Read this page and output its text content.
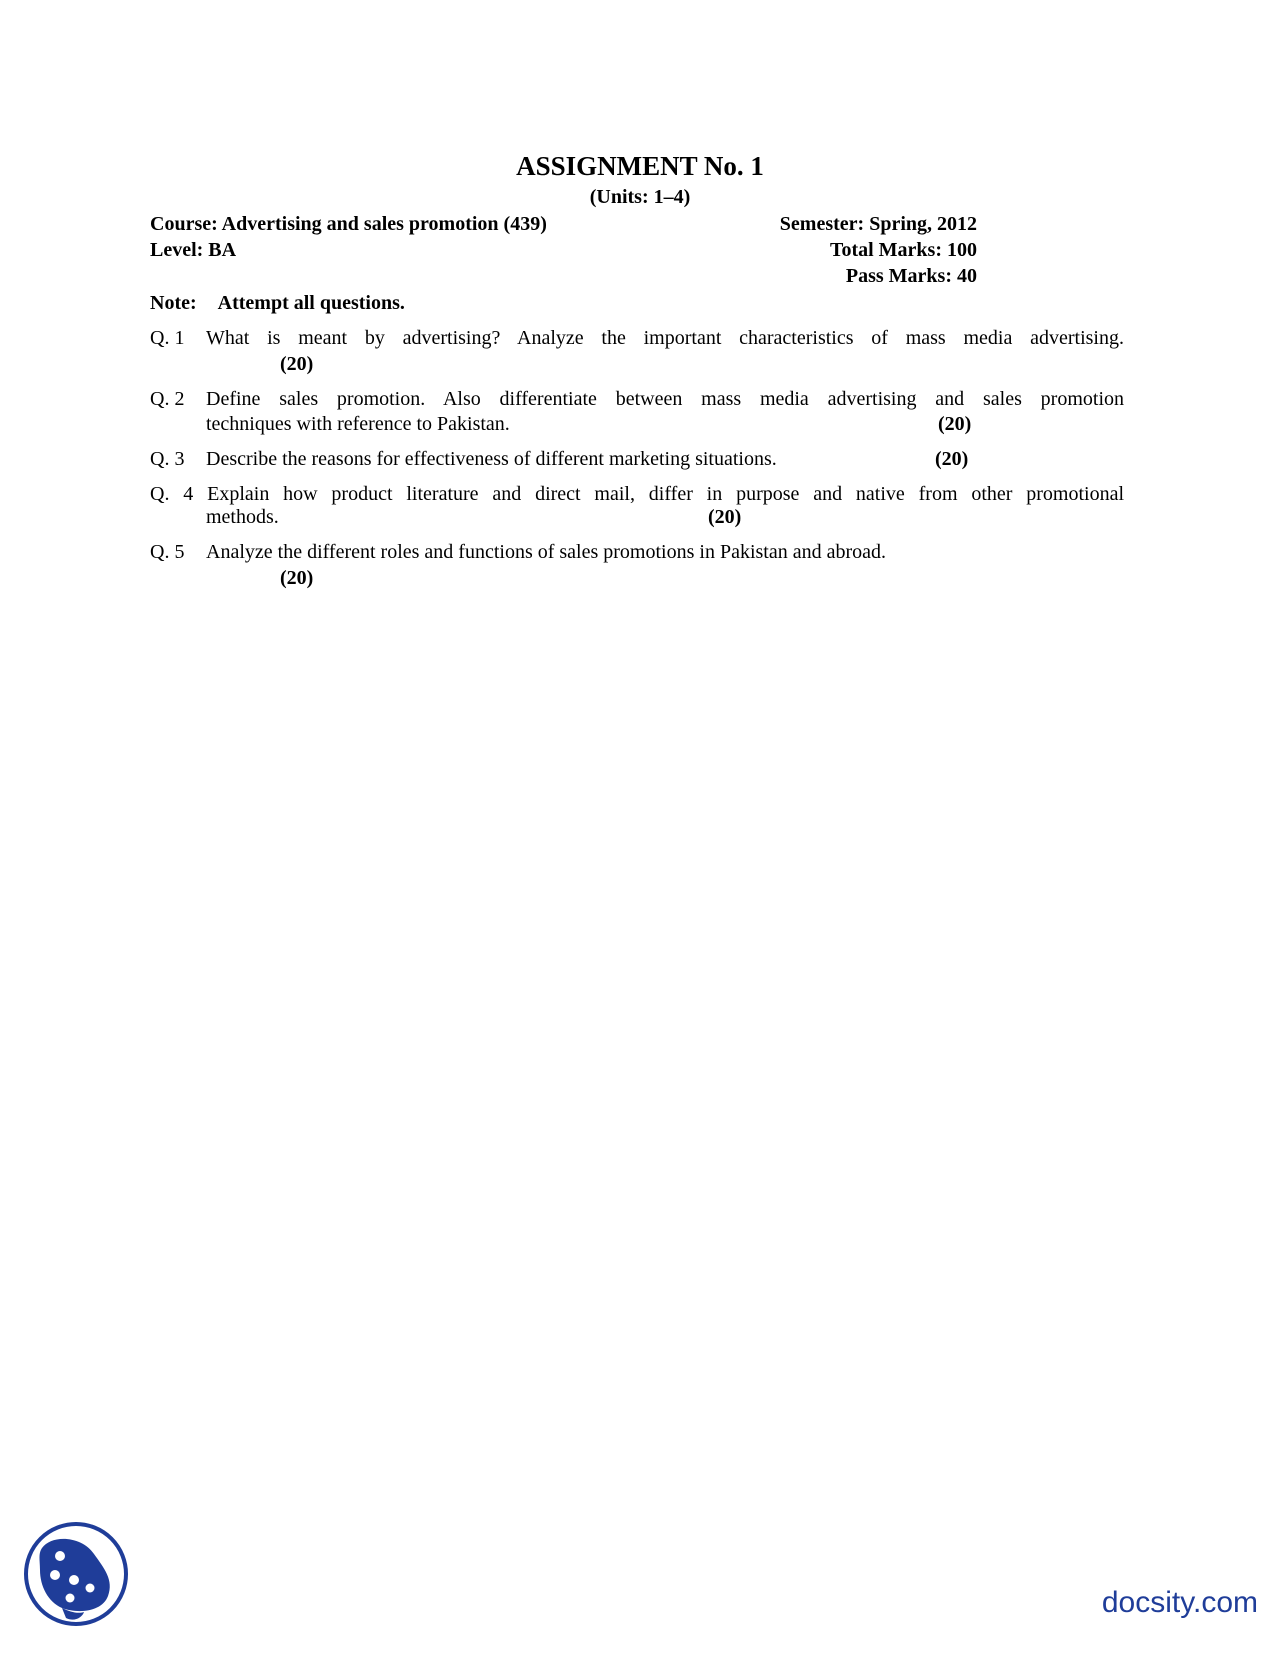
ASSIGNMENT No. 1
(Units: 1–4)
Course: Advertising and sales promotion (439)	Semester: Spring, 2012
Level: BA	Total Marks: 100
Pass Marks: 40
Note: Attempt all questions.
Q. 1 What is meant by advertising? Analyze the important characteristics of mass media advertising.
(20)
Q. 2 Define sales promotion. Also differentiate between mass media advertising and sales promotion
techniques with reference to Pakistan.	(20)
Q. 3 Describe the reasons for effectiveness of different marketing situations.	(20)
Q. 4 Explain how product literature and direct mail, differ in purpose and native from other promotional
methods.	(20)
Q. 5 Analyze the different roles and functions of sales promotions in Pakistan and abroad.
(20)
docsity.com
